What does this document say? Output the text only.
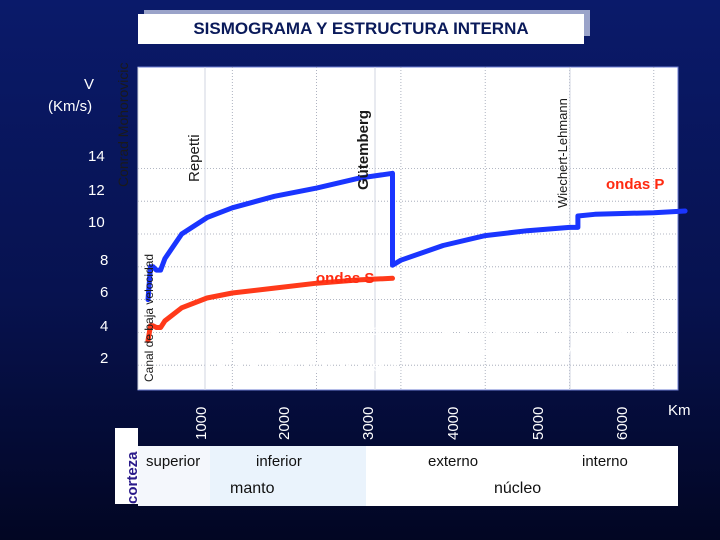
SISMOGRAMA Y ESTRUCTURA INTERNA
V
(Km/s)
14
12
10
8
6
4
2
1000	2000	3000	4000	5000	6000 Km
Conrad Mohorovicic	Repetti	Gütemberg	Wiechert-Lehmann
Canal de baja velocidad	ondas S
ondas P
A los cambios de velocidad se le denominan “discontinuidades”, existiendo 2 primarias, que determinan la corteza, el manto y el núcleo, y 3 secundarias, que subdividen a su vez a éstas.
corteza superior	inferior
manto
externo	interno
núcleo
